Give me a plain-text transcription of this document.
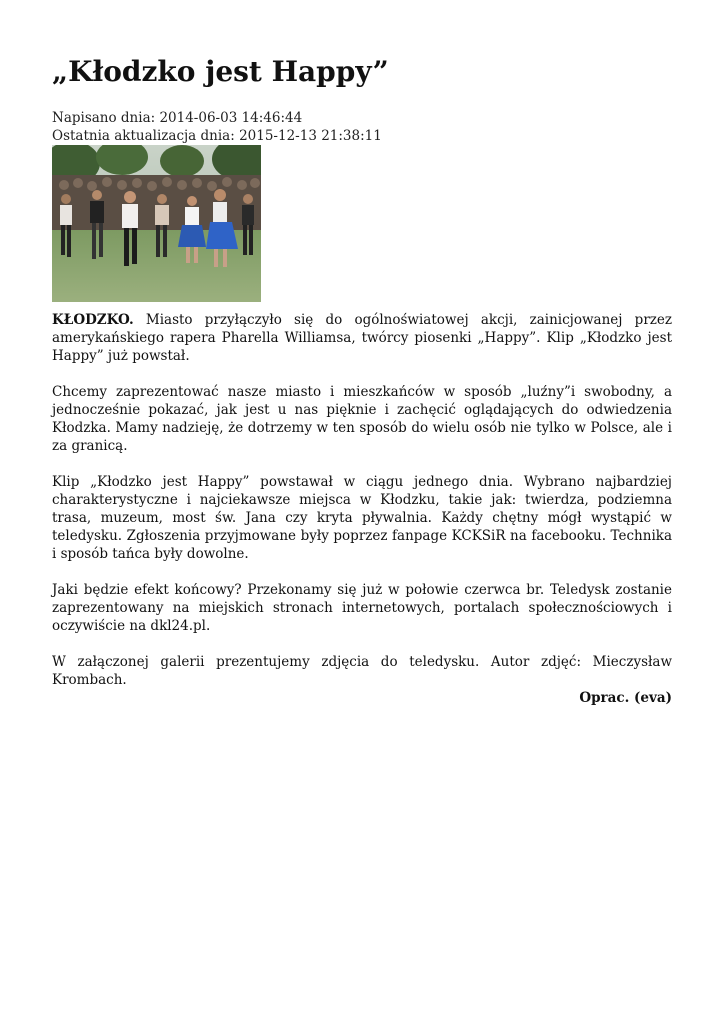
„Kłodzko jest Happy”
Napisano dnia: 2014-06-03 14:46:44
Ostatnia aktualizacja dnia: 2015-12-13 21:38:11

KŁODZKO. Miasto przyłączyło się do ogólnoświatowej akcji, zainicjowanej przez amerykańskiego rapera Pharella Williamsa, twórcy piosenki „Happy”. Klip „Kłodzko jest Happy” już powstał.

Chcemy zaprezentować nasze miasto i mieszkańców w sposób „luźny”i swobodny, a jednocześnie pokazać, jak jest u nas pięknie i zachęcić oglądających do odwiedzenia Kłodzka. Mamy nadzieję, że dotrzemy w ten sposób do wielu osób nie tylko w Polsce, ale i za granicą.

Klip „Kłodzko jest Happy” powstawał w ciągu jednego dnia. Wybrano najbardziej charakterystyczne i najciekawsze miejsca w Kłodzku, takie jak: twierdza, podziemna trasa, muzeum, most św. Jana czy kryta pływalnia. Każdy chętny mógł wystąpić w teledysku. Zgłoszenia przyjmowane były poprzez fanpage KCKSiR na facebooku. Technika i sposób tańca były dowolne.

Jaki będzie efekt końcowy? Przekonamy się już w połowie czerwca br. Teledysk zostanie zaprezentowany na miejskich stronach internetowych, portalach społecznościowych i oczywiście na dkl24.pl.

W załączonej galerii prezentujemy zdjęcia do teledysku. Autor zdjęć: Mieczysław Krombach.

Oprac. (eva)
